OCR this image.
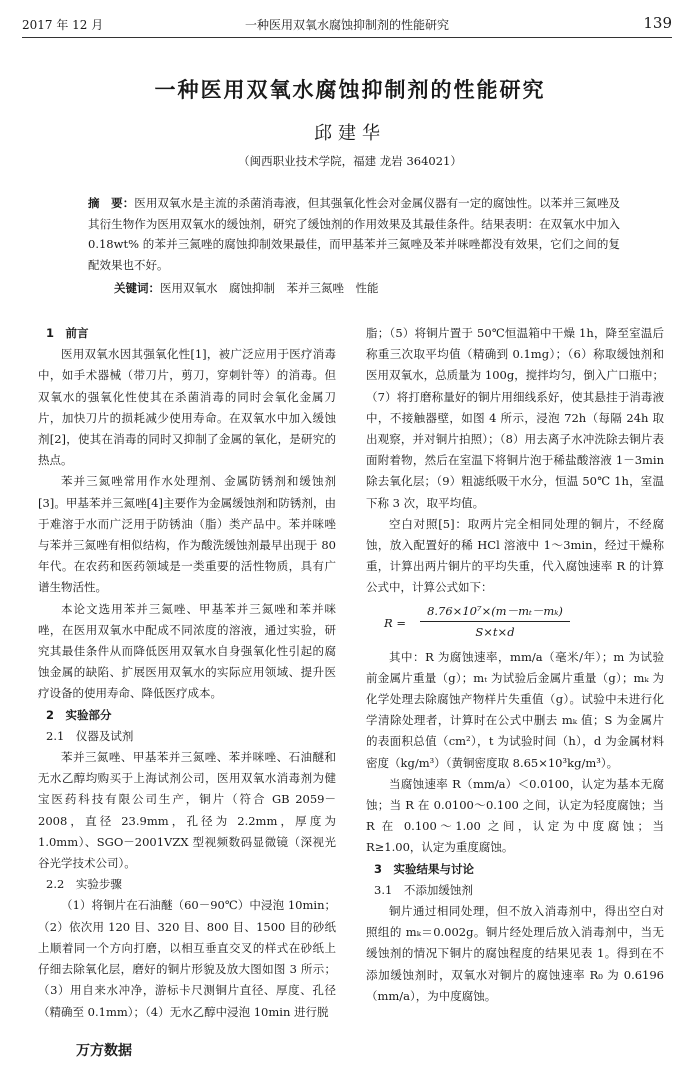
2017 年 12 月	一种医用双氧水腐蚀抑制剂的性能研究	139
一种医用双氧水腐蚀抑制剂的性能研究
邱建华
（闽西职业技术学院，福建 龙岩 364021）
摘　要：医用双氧水是主流的杀菌消毒液，但其强氧化性会对金属仪器有一定的腐蚀性。以苯并三氮唑及其衍生物作为医用双氧水的缓蚀剂，研究了缓蚀剂的作用效果及其最佳条件。结果表明：在双氧水中加入 0.18wt% 的苯并三氮唑的腐蚀抑制效果最佳，而甲基苯并三氮唑及苯并咪唑都没有效果，它们之间的复配效果也不好。
关键词：医用双氧水　腐蚀抑制　苯并三氮唑　性能

1　前言

医用双氧水因其强氧化性[1]，被广泛应用于医疗消毒中，如手术器械（带刀片，剪刀，穿刺针等）的消毒。但双氧水的强氧化性使其在杀菌消毒的同时会氧化金属刀片，加快刀片的损耗减少使用寿命。在双氧水中加入缓蚀剂[2]，使其在消毒的同时又抑制了金属的氧化，是研究的热点。

苯并三氮唑常用作水处理剂、金属防锈剂和缓蚀剂[3]。甲基苯并三氮唑[4]主要作为金属缓蚀剂和防锈剂，由于难溶于水而广泛用于防锈油（脂）类产品中。苯并咪唑与苯并三氮唑有相似结构，作为酸洗缓蚀剂最早出现于 80 年代。在农药和医药领域是一类重要的活性物质，具有广谱生物活性。

本论文选用苯并三氮唑、甲基苯并三氮唑和苯并咪唑，在医用双氧水中配成不同浓度的溶液，通过实验，研究其最佳条件从而降低医用双氧水自身强氧化性引起的腐蚀金属的缺陷、扩展医用双氧水的实际应用领域、提升医疗设备的使用寿命、降低医疗成本。

2　实验部分

2.1　仪器及试剂

苯并三氮唑、甲基苯并三氮唑、苯并咪唑、石油醚和无水乙醇均购买于上海试剂公司，医用双氧水消毒剂为健宝医药科技有限公司生产，铜片（符合 GB 2059－2008，直径 23.9mm，孔径为 2.2mm，厚度为 1.0mm）、SGO－2001VZX 型视频数码显微镜（深视光谷光学技术公司）。

2.2　实验步骤

（1）将铜片在石油醚（60－90℃）中浸泡 10min；（2）依次用 120 目、320 目、800 目、1500 目的砂纸上顺着同一个方向打磨，以相互垂直交叉的样式在砂纸上仔细去除氧化层，磨好的铜片形貌及放大图如图 3 所示；（3）用自来水冲净，游标卡尺测铜片直径、厚度、孔径（精确至 0.1mm）；（4）无水乙醇中浸泡 10min 进行脱

脂；（5）将铜片置于 50℃恒温箱中干燥 1h，降至室温后称重三次取平均值（精确到 0.1mg）；（6）称取缓蚀剂和医用双氧水，总质量为 100g，搅拌均匀，倒入广口瓶中；（7）将打磨称量好的铜片用细线系好，使其悬挂于消毒液中，不接触器壁，如图 4 所示，浸泡 72h（每隔 24h 取出观察，并对铜片拍照）；（8）用去离子水冲洗除去铜片表面附着物，然后在室温下将铜片泡于稀盐酸溶液 1－3min 除去氧化层；（9）粗滤纸吸干水分，恒温 50℃ 1h，室温下称 3 次，取平均值。

空白对照[5]：取两片完全相同处理的铜片，不经腐蚀，放入配置好的稀 HCl 溶液中 1～3min，经过干燥称重，计算出两片铜片的平均失重，代入腐蚀速率 R 的计算公式中，计算公式如下：

R =
8.76×10⁷×(m－mₜ－mₖ)
S×t×d

其中：R 为腐蚀速率，mm/a（毫米/年）；m 为试验前金属片重量（g）；mₜ 为试验后金属片重量（g）；mₖ 为化学处理去除腐蚀产物样片失重值（g）。试验中未进行化学清除处理者，计算时在公式中删去 mₖ 值；S 为金属片的表面积总值（cm²），t 为试验时间（h），d 为金属材料密度（kg/m³）（黄铜密度取 8.65×10³kg/m³）。

当腐蚀速率 R（mm/a）＜0.0100，认定为基本无腐蚀；当 R 在 0.0100～0.100 之间，认定为轻度腐蚀；当 R 在 0.100～1.00 之间，认定为中度腐蚀；当 R≥1.00，认定为重度腐蚀。

3　实验结果与讨论

3.1　不添加缓蚀剂

铜片通过相同处理，但不放入消毒剂中，得出空白对照组的 mₖ＝0.002g。铜片经处理后放入消毒剂中，当无缓蚀剂的情况下铜片的腐蚀程度的结果见表 1。得到在不添加缓蚀剂时，双氧水对铜片的腐蚀速率 R₀ 为 0.6196（mm/a），为中度腐蚀。

万方数据
